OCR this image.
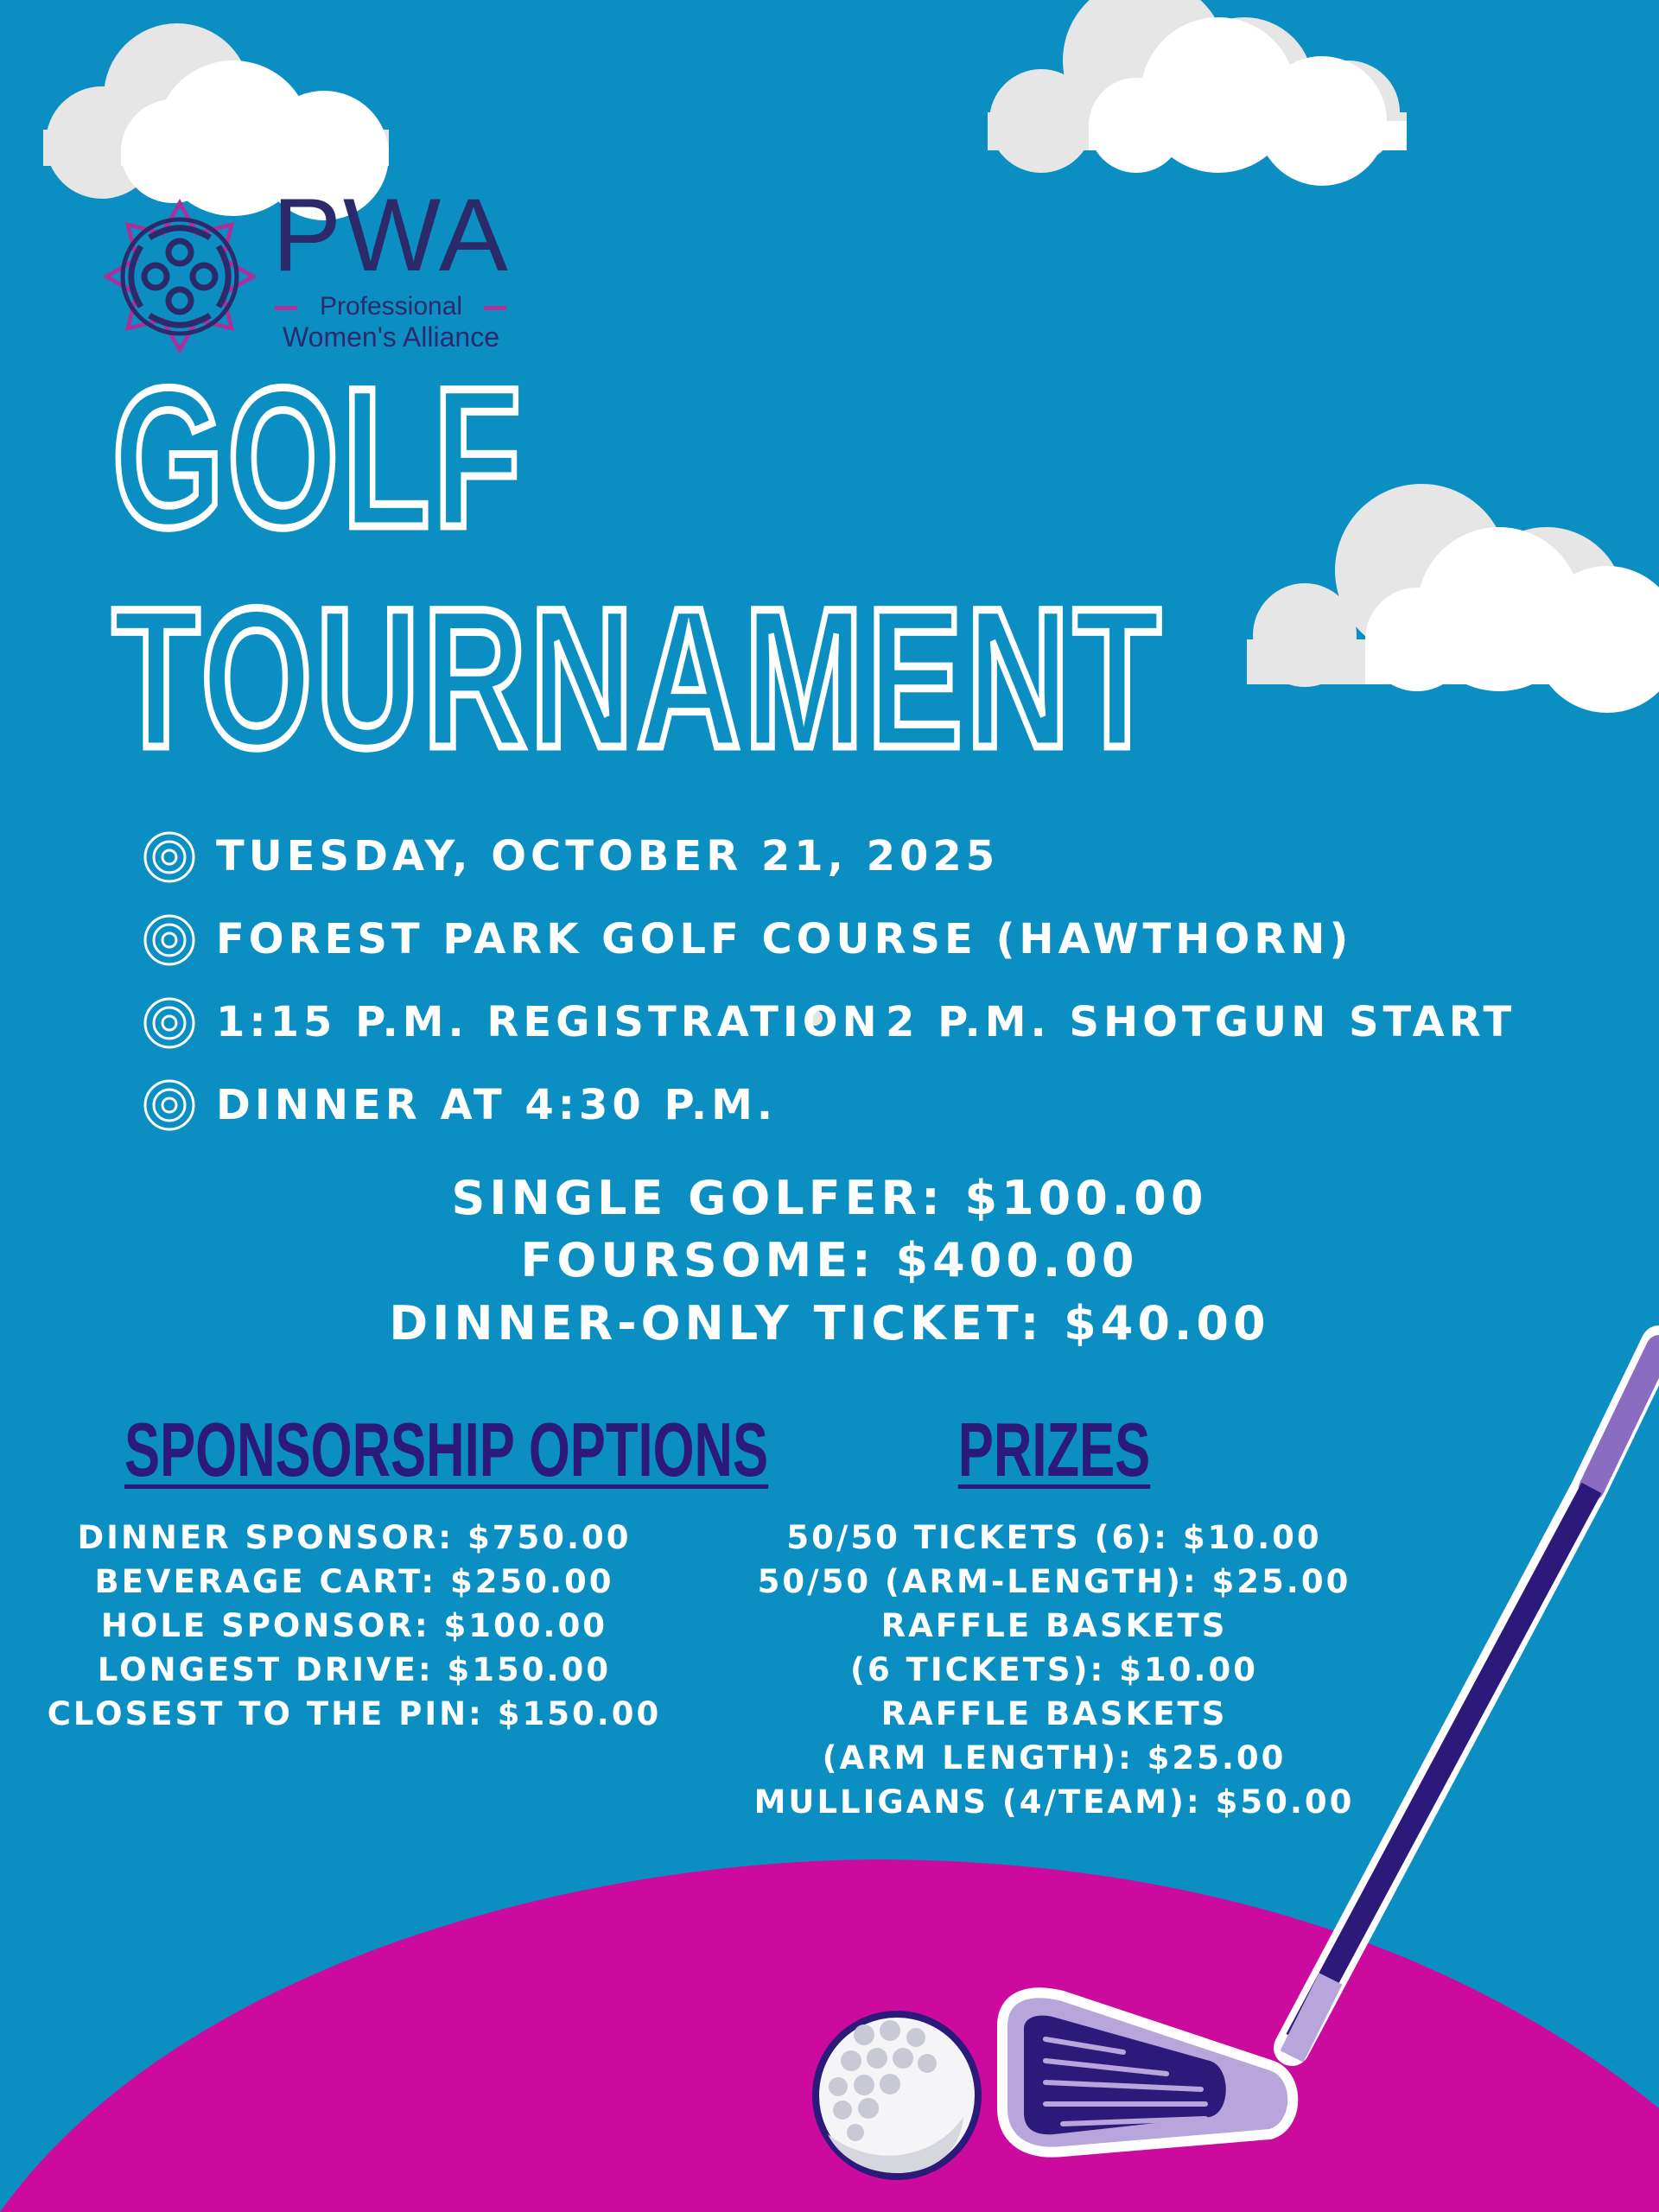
PWA
Professional
Women's Alliance
GOLF
TOURNAMENT
TUESDAY, OCTOBER 21, 2025
FOREST PARK GOLF COURSE (HAWTHORN)
1:15 P.M. REGISTRATION 2 P.M. SHOTGUN START
DINNER AT 4:30 P.M.
SINGLE GOLFER: $100.00
FOURSOME: $400.00
DINNER-ONLY TICKET: $40.00
SPONSORSHIP OPTIONS
DINNER SPONSOR: $750.00
BEVERAGE CART: $250.00
HOLE SPONSOR: $100.00
LONGEST DRIVE: $150.00
CLOSEST TO THE PIN: $150.00
PRIZES
50/50 TICKETS (6): $10.00
50/50 (ARM-LENGTH): $25.00
RAFFLE BASKETS
(6 TICKETS): $10.00
RAFFLE BASKETS
(ARM LENGTH): $25.00
MULLIGANS (4/TEAM): $50.00
